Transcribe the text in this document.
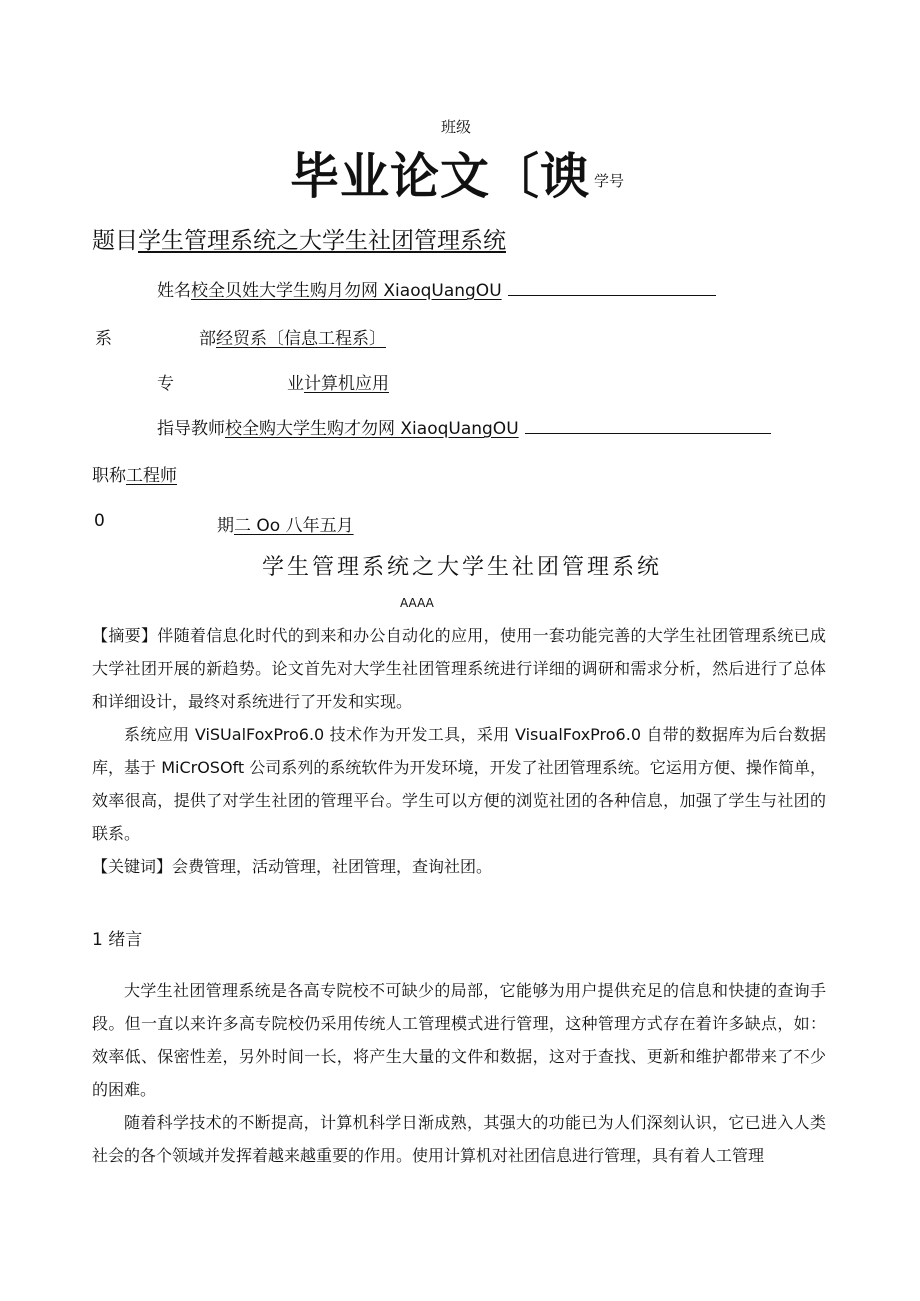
班级
毕业论文〔谀 学号
题目学生管理系统之大学生社团管理系统
姓名校全贝姓大学生购月勿网 XiaoqUangOU
系	部经贸系〔信息工程系〕
专	业计算机应用
指导教师校全购大学生购才勿网 XiaoqUangOU
职称工程师
0	期二 Oo 八年五月
学生管理系统之大学生社团管理系统
AAAA

【摘要】伴随着信息化时代的到来和办公自动化的应用，使用一套功能完善的大学生社团管理系统已成大学社团开展的新趋势。论文首先对大学生社团管理系统进行详细的调研和需求分析，然后进行了总体和详细设计，最终对系统进行了开发和实现。

系统应用 ViSUalFoxPro6.0 技术作为开发工具，采用 VisualFoxPro6.0 自带的数据库为后台数据库，基于 MiCrOSOft 公司系列的系统软件为开发环境，开发了社团管理系统。它运用方便、操作简单，效率很高，提供了对学生社团的管理平台。学生可以方便的浏览社团的各种信息，加强了学生与社团的联系。

【关键词】会费管理，活动管理，社团管理，查询社团。

1 绪言

大学生社团管理系统是各高专院校不可缺少的局部，它能够为用户提供充足的信息和快捷的查询手段。但一直以来许多高专院校仍采用传统人工管理模式进行管理，这种管理方式存在着许多缺点，如：效率低、保密性差，另外时间一长，将产生大量的文件和数据，这对于查找、更新和维护都带来了不少的困难。

随着科学技术的不断提高，计算机科学日渐成熟，其强大的功能已为人们深刻认识，它已进入人类社会的各个领域并发挥着越来越重要的作用。使用计算机对社团信息进行管理，具有着人工管理
